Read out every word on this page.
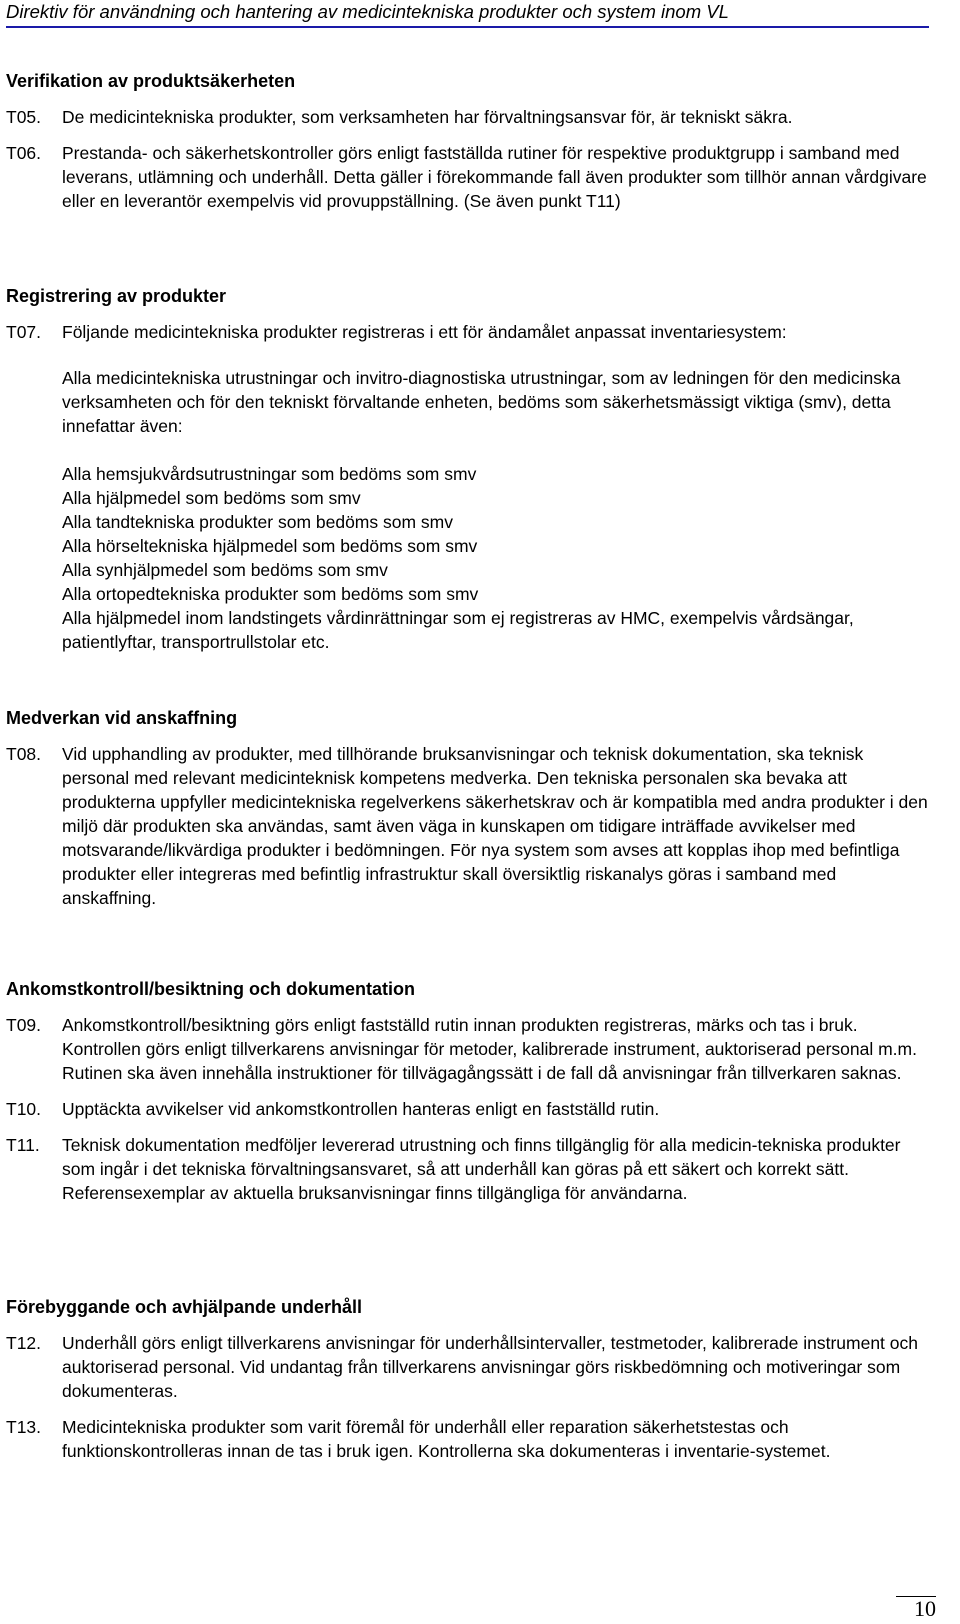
Direktiv för användning och hantering av medicintekniska produkter och system inom VL
Verifikation av produktsäkerheten
T05.	De medicintekniska produkter, som verksamheten har förvaltningsansvar för, är tekniskt säkra.
T06.	Prestanda- och säkerhetskontroller görs enligt fastställda rutiner för respektive produktgrupp i samband med leverans, utlämning och underhåll. Detta gäller i förekommande fall även produkter som tillhör annan vårdgivare eller en leverantör exempelvis vid provuppställning. (Se även punkt T11)
Registrering av produkter
T07.	Följande medicintekniska produkter registreras i ett för ändamålet anpassat inventariesystem:

Alla medicintekniska utrustningar och invitro-diagnostiska utrustningar, som av ledningen för den medicinska verksamheten och för den tekniskt förvaltande enheten, bedöms som säkerhetsmässigt viktiga (smv), detta innefattar även:

Alla hemsjukvårdsutrustningar som bedöms som smv
Alla hjälpmedel som bedöms som smv
Alla tandtekniska produkter som bedöms som smv
Alla hörseltekniska hjälpmedel som bedöms som smv
Alla synhjälpmedel som bedöms som smv
Alla ortopedtekniska produkter som bedöms som smv
Alla hjälpmedel inom landstingets vårdinrättningar som ej registreras av HMC, exempelvis vårdsängar, patientlyftar, transportrullstolar etc.
Medverkan vid anskaffning
T08.	Vid upphandling av produkter, med tillhörande bruksanvisningar och teknisk dokumentation, ska teknisk personal med relevant medicinteknisk kompetens medverka. Den tekniska personalen ska bevaka att produkterna uppfyller medicintekniska regelverkens säkerhetskrav och är kompatibla med andra produkter i den miljö där produkten ska användas, samt även väga in kunskapen om tidigare inträffade avvikelser med motsvarande/likvärdiga produkter i bedömningen. För nya system som avses att kopplas ihop med befintliga produkter eller integreras med befintlig infrastruktur skall översiktlig riskanalys göras i samband med anskaffning.
Ankomstkontroll/besiktning och dokumentation
T09.	Ankomstkontroll/besiktning görs enligt fastställd rutin innan produkten registreras, märks och tas i bruk. Kontrollen görs enligt tillverkarens anvisningar för metoder, kalibrerade instrument, auktoriserad personal m.m. Rutinen ska även innehålla instruktioner för tillvägagångssätt i de fall då anvisningar från tillverkaren saknas.
T10.	Upptäckta avvikelser vid ankomstkontrollen hanteras enligt en fastställd rutin.
T11.	Teknisk dokumentation medföljer levererad utrustning och finns tillgänglig för alla medicin-tekniska produkter som ingår i det tekniska förvaltningsansvaret, så att underhåll kan göras på ett säkert och korrekt sätt. Referensexemplar av aktuella bruksanvisningar finns tillgängliga för användarna.
Förebyggande och avhjälpande underhåll
T12.	Underhåll görs enligt tillverkarens anvisningar för underhållsintervaller, testmetoder, kalibrerade instrument och auktoriserad personal. Vid undantag från tillverkarens anvisningar görs riskbedömning och motiveringar som dokumenteras.
T13.	Medicintekniska produkter som varit föremål för underhåll eller reparation säkerhetstestas och funktionskontrolleras innan de tas i bruk igen. Kontrollerna ska dokumenteras i inventarie-systemet.
10
